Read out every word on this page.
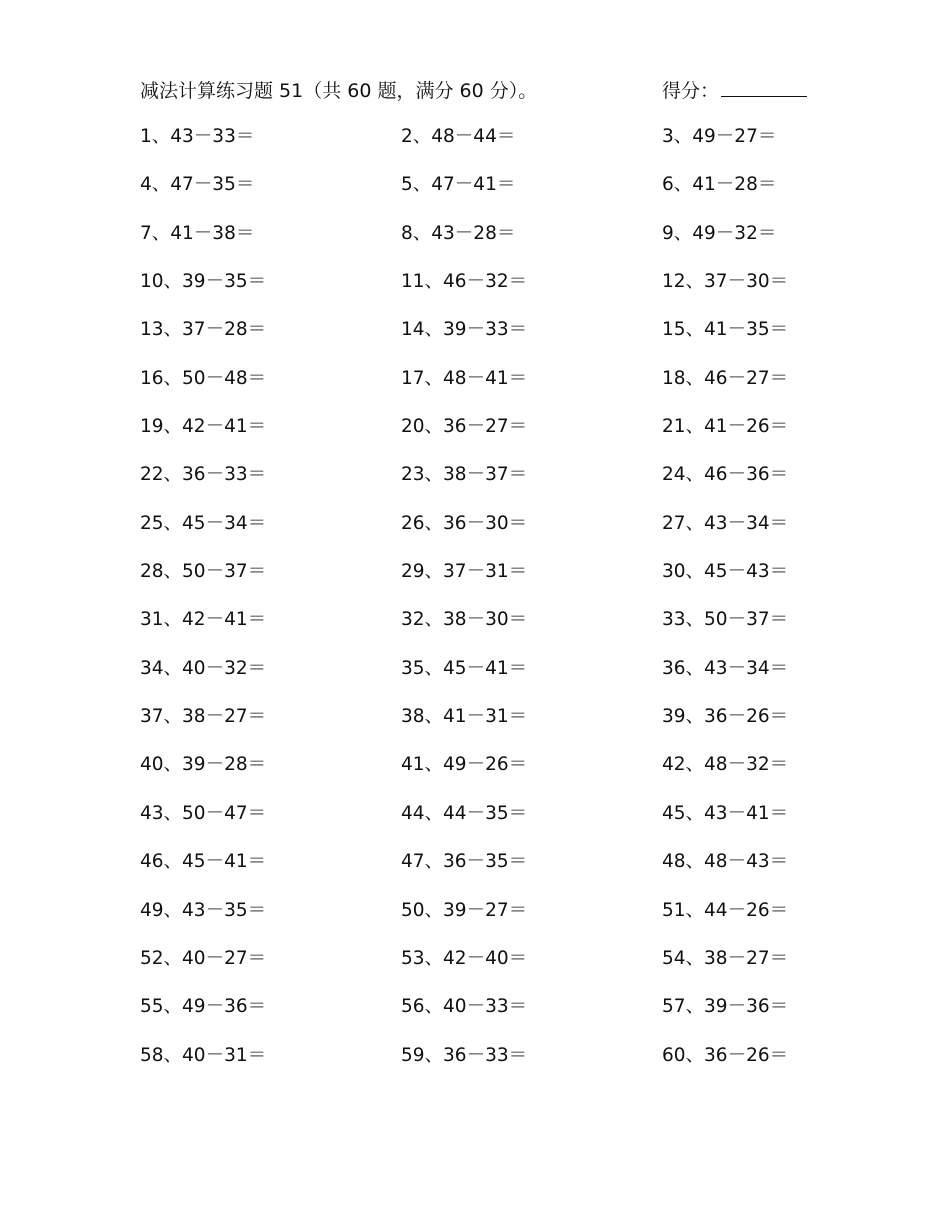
减法计算练习题 51（共 60 题，满分 60 分）。	得分：
1、43－33＝	2、48－44＝	3、49－27＝
4、47－35＝	5、47－41＝	6、41－28＝
7、41－38＝	8、43－28＝	9、49－32＝
10、39－35＝	11、46－32＝	12、37－30＝
13、37－28＝	14、39－33＝	15、41－35＝
16、50－48＝	17、48－41＝	18、46－27＝
19、42－41＝	20、36－27＝	21、41－26＝
22、36－33＝	23、38－37＝	24、46－36＝
25、45－34＝	26、36－30＝	27、43－34＝
28、50－37＝	29、37－31＝	30、45－43＝
31、42－41＝	32、38－30＝	33、50－37＝
34、40－32＝	35、45－41＝	36、43－34＝
37、38－27＝	38、41－31＝	39、36－26＝
40、39－28＝	41、49－26＝	42、48－32＝
43、50－47＝	44、44－35＝	45、43－41＝
46、45－41＝	47、36－35＝	48、48－43＝
49、43－35＝	50、39－27＝	51、44－26＝
52、40－27＝	53、42－40＝	54、38－27＝
55、49－36＝	56、40－33＝	57、39－36＝
58、40－31＝	59、36－33＝	60、36－26＝
